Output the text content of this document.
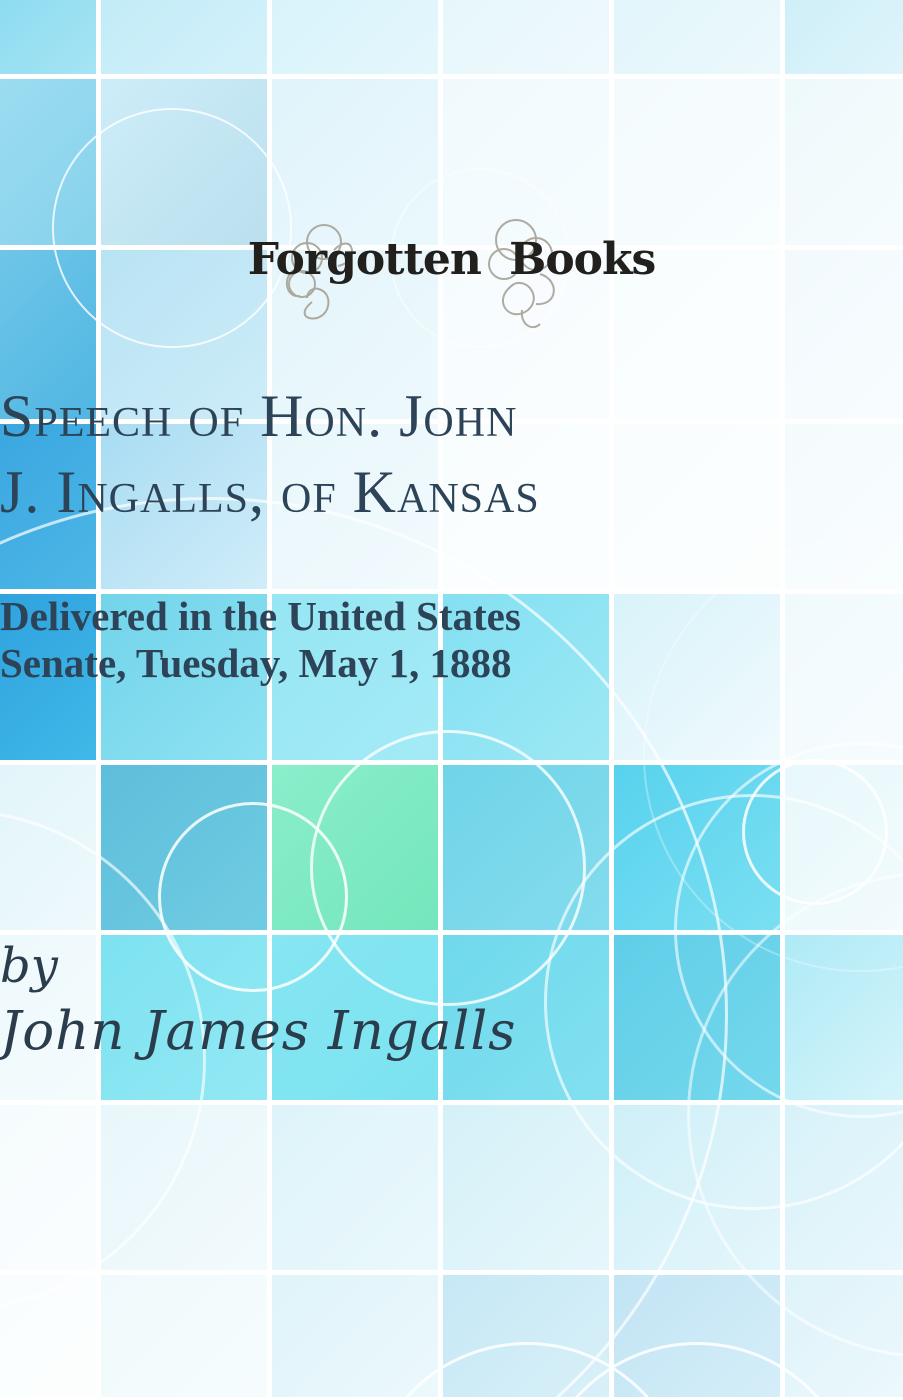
Forgotten Books
Speech of Hon. John
J. Ingalls, of Kansas
Delivered in the United States
Senate, Tuesday, May 1, 1888
by
John James Ingalls
